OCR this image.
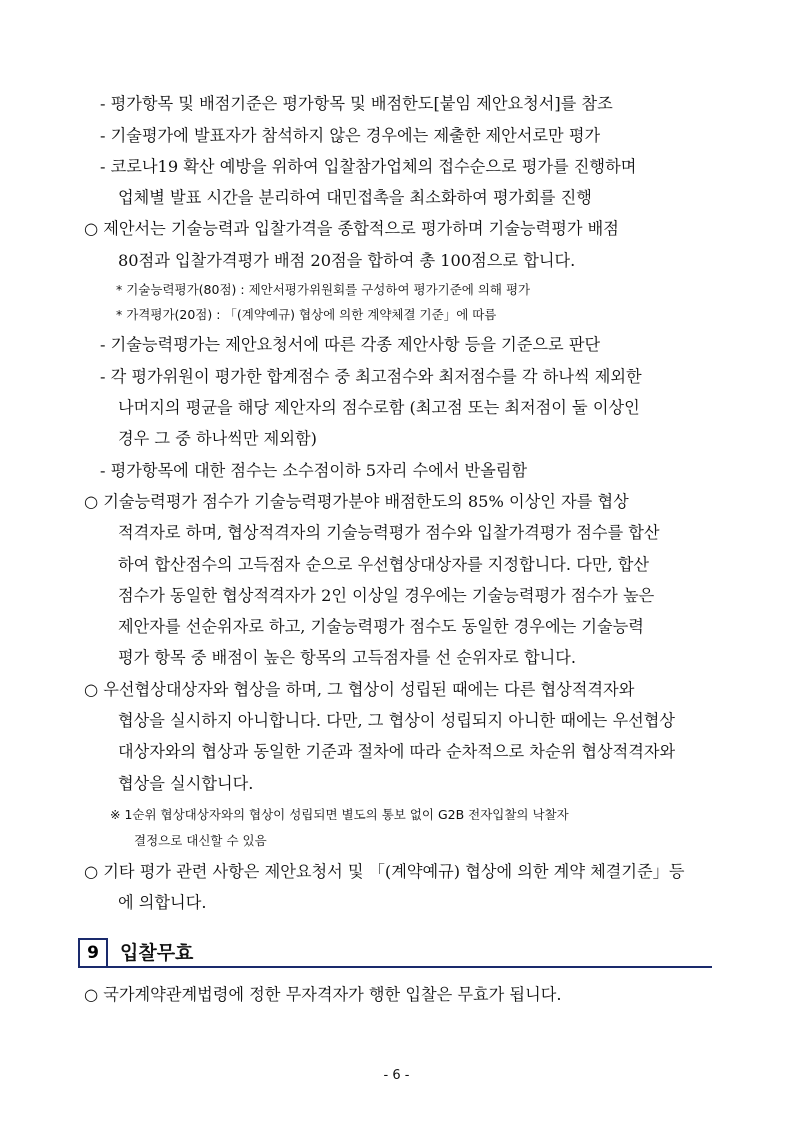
- 평가항목 및 배점기준은 평가항목 및 배점한도[붙임 제안요청서]를 참조
- 기술평가에 발표자가 참석하지 않은 경우에는 제출한 제안서로만 평가
- 코로나19 확산 예방을 위하여 입찰참가업체의 접수순으로 평가를 진행하며
업체별 발표 시간을 분리하여 대민접촉을 최소화하여 평가회를 진행
○ 제안서는 기술능력과 입찰가격을 종합적으로 평가하며 기술능력평가 배점
80점과 입찰가격평가 배점 20점을 합하여 총 100점으로 합니다.
* 기술능력평가(80점) : 제안서평가위원회를 구성하여 평가기준에 의해 평가
* 가격평가(20점) : 「(계약예규) 협상에 의한 계약체결 기준」에 따름
- 기술능력평가는 제안요청서에 따른 각종 제안사항 등을 기준으로 판단
- 각 평가위원이 평가한 합계점수 중 최고점수와 최저점수를 각 하나씩 제외한
나머지의 평균을 해당 제안자의 점수로함 (최고점 또는 최저점이 둘 이상인
경우 그 중 하나씩만 제외함)
- 평가항목에 대한 점수는 소수점이하 5자리 수에서 반올림함
○ 기술능력평가 점수가 기술능력평가분야 배점한도의 85% 이상인 자를 협상
적격자로 하며, 협상적격자의 기술능력평가 점수와 입찰가격평가 점수를 합산
하여 합산점수의 고득점자 순으로 우선협상대상자를 지정합니다. 다만, 합산
점수가 동일한 협상적격자가 2인 이상일 경우에는 기술능력평가 점수가 높은
제안자를 선순위자로 하고, 기술능력평가 점수도 동일한 경우에는 기술능력
평가 항목 중 배점이 높은 항목의 고득점자를 선 순위자로 합니다.
○ 우선협상대상자와 협상을 하며, 그 협상이 성립된 때에는 다른 협상적격자와
협상을 실시하지 아니합니다. 다만, 그 협상이 성립되지 아니한 때에는 우선협상
대상자와의 협상과 동일한 기준과 절차에 따라 순차적으로 차순위 협상적격자와
협상을 실시합니다.
※ 1순위 협상대상자와의 협상이 성립되면 별도의 통보 없이 G2B 전자입찰의 낙찰자
결정으로 대신할 수 있음
○ 기타 평가 관련 사항은 제안요청서 및 「(계약예규) 협상에 의한 계약 체결기준」등
에 의합니다.
9	입찰무효
○ 국가계약관계법령에 정한 무자격자가 행한 입찰은 무효가 됩니다.
- 6 -
